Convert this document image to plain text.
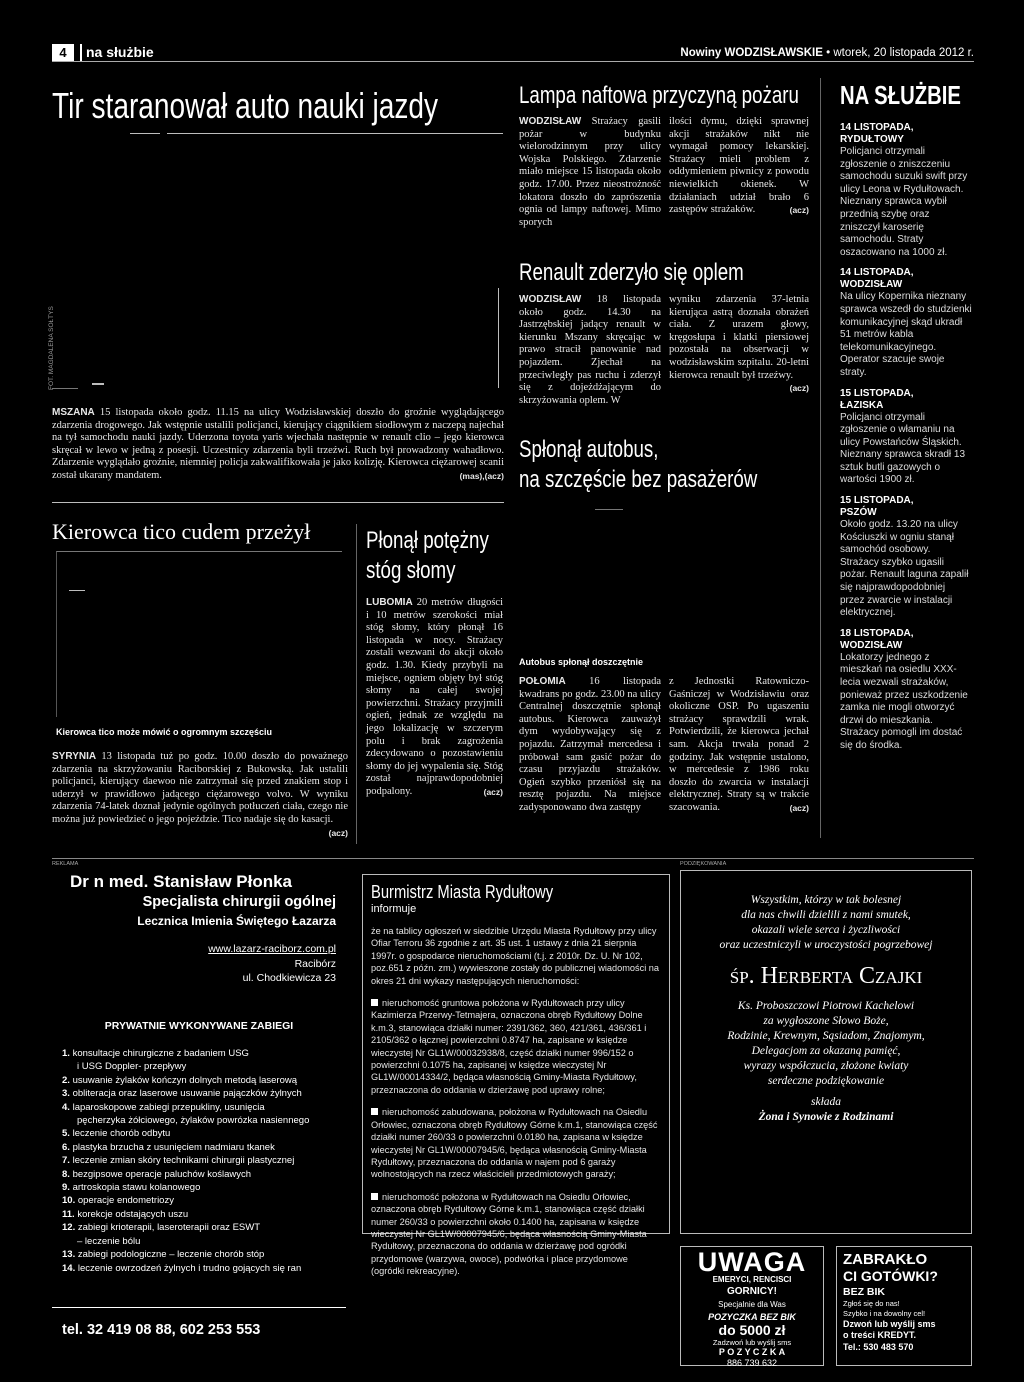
4	na służbie	Nowiny WODZISŁAWSKIE • wtorek, 20 listopada 2012 r.
Tir staranował auto nauki jazdy
FOT. MAGDALENA SOŁTYS

MSZANA 15 listopada około godz. 11.15 na ulicy Wodzisławskiej doszło do groźnie wyglądającego zdarzenia drogowego. Jak wstępnie ustalili policjanci, kierujący ciągnikiem siodłowym z naczepą najechał na tył samochodu nauki jazdy. Uderzona toyota yaris wjechała następnie w renault clio – jego kierowca skręcał w lewo w jedną z posesji. Uczestnicy zdarzenia byli trzeźwi. Ruch był prowadzony wahadłowo. Zdarzenie wyglądało groźnie, niemniej policja zakwalifikowała je jako kolizję. Kierowca ciężarowej scanii został ukarany mandatem.	(mas),(acz)

Kierowca tico cudem przeżył
Kierowca tico może mówić o ogromnym szczęściu

SYRYNIA 13 listopada tuż po godz. 10.00 doszło do poważnego zdarzenia na skrzyżowaniu Raciborskiej z Bukowską. Jak ustalili policjanci, kierujący daewoo nie zatrzymał się przed znakiem stop i uderzył w prawidłowo jadącego ciężarowego volvo. W wyniku zdarzenia 74-latek doznał jedynie ogólnych potłuczeń ciała, czego nie można już powiedzieć o jego pojeździe. Tico nadaje się do kasacji.
(acz)

Płonął potężny
stóg słomy

LUBOMIA 20 metrów długości i 10 metrów szerokości miał stóg słomy, który płonął 16 listopada w nocy. Strażacy zostali wezwani do akcji około godz. 1.30. Kiedy przybyli na miejsce, ogniem objęty był stóg słomy na całej swojej powierzchni. Strażacy przyjmili ogień, jednak ze względu na jego lokalizację w szczerym polu i brak zagrożenia zdecydowano o pozostawieniu słomy do jej wypalenia się. Stóg został najprawdopodobniej podpalony.	(acz)

Lampa naftowa przyczyną pożaru

WODZISŁAW Strażacy gasili pożar w budynku wielorodzinnym przy ulicy Wojska Polskiego. Zdarzenie miało miejsce 15 listopada około godz. 17.00. Przez nieostrożność lokatora doszło do zaprószenia ognia od lampy naftowej. Mimo sporych

ilości dymu, dzięki sprawnej akcji strażaków nikt nie wymagał pomocy lekarskiej. Strażacy mieli problem z oddymieniem piwnicy z powodu niewielkich okienek. W działaniach udział brało 6 zastępów strażaków.	(acz)

Renault zderzyło się oplem

WODZISŁAW 18 listopada około godz. 14.30 na Jastrzębskiej jadący renault w kierunku Mszany skręcając w prawo stracił panowanie nad pojazdem. Zjechał na przeciwległy pas ruchu i zderzył się z dojeżdżającym do skrzyżowania oplem. W

wyniku zdarzenia 37-letnia kierująca astrą doznała obrażeń ciała. Z urazem głowy, kręgosłupa i klatki piersiowej pozostała na obserwacji w wodzisławskim szpitalu. 20-letni kierowca renault był trzeźwy.
(acz)

Spłonął autobus,
na szczęście bez pasażerów
Autobus spłonął doszczętnie

POŁOMIA 16 listopada kwadrans po godz. 23.00 na ulicy Centralnej doszczętnie spłonął autobus. Kierowca zauważył dym wydobywający się z pojazdu. Zatrzymał mercedesa i próbował sam gasić pożar do czasu przyjazdu strażaków. Ogień szybko przeniósł się na resztę pojazdu. Na miejsce zadysponowano dwa zastępy

z Jednostki Ratowniczo-Gaśniczej w Wodzisławiu oraz okoliczne OSP. Po ugaszeniu strażacy sprawdzili wrak. Potwierdzili, że kierowca jechał sam. Akcja trwała ponad 2 godziny. Jak wstępnie ustalono, w mercedesie z 1986 roku doszło do zwarcia w instalacji elektrycznej. Straty są w trakcie szacowania.	(acz)

NA SŁUŻBIE
14 LISTOPADA,
RYDUŁTOWY

Policjanci otrzymali zgłoszenie o zniszczeniu samochodu suzuki swift przy ulicy Leona w Rydułtowach. Nieznany sprawca wybił przednią szybę oraz zniszczył karoserię samochodu. Straty oszacowano na 1000 zł.

14 LISTOPADA,
WODZISŁAW

Na ulicy Kopernika nieznany sprawca wszedł do studzienki komunikacyjnej skąd ukradł 51 metrów kabla telekomunikacyjnego. Operator szacuje swoje straty.

15 LISTOPADA,
ŁAZISKA

Policjanci otrzymali zgłoszenie o włamaniu na ulicy Powstańców Śląskich. Nieznany sprawca skradł 13 sztuk butli gazowych o wartości 1900 zł.

15 LISTOPADA,
PSZÓW

Około godz. 13.20 na ulicy Kościuszki w ogniu stanął samochód osobowy. Strażacy szybko ugasili pożar. Renault laguna zapalił się najprawdopodobniej przez zwarcie w instalacji elektrycznej.

18 LISTOPADA,
WODZISŁAW

Lokatorzy jednego z mieszkań na osiedlu XXX-lecia wezwali strażaków, ponieważ przez uszkodzenie zamka nie mogli otworzyć drzwi do mieszkania. Strażacy pomogli im dostać się do środka.

REKLAMA	PODZIĘKOWANIA
Dr n med. Stanisław Płonka
Specjalista chirurgii ogólnej
Lecznica Imienia Świętego Łazarza
www.lazarz-raciborz.com.pl
Racibórz
ul. Chodkiewicza 23
PRYWATNIE WYKONYWANE ZABIEGI
1. konsultacje chirurgiczne z badaniem USG
i USG Doppler- przepływy
2. usuwanie żylaków kończyn dolnych metodą laserową
3. obliteracja oraz laserowe usuwanie pajączków żylnych
4. laparoskopowe zabiegi przepukliny, usunięcia
pęcherzyka żółciowego, żylaków powrózka nasiennego
5. leczenie chorób odbytu
6. plastyka brzucha z usunięciem nadmiaru tkanek
7. leczenie zmian skóry technikami chirurgii plastycznej
8. bezgipsowe operacje paluchów koślawych
9. artroskopia stawu kolanowego
10. operacje endometriozy
11. korekcje odstających uszu
12. zabiegi krioterapii, laseroterapii oraz ESWT
– leczenie bólu
13. zabiegi podologiczne – leczenie chorób stóp
14. leczenie owrzodzeń żylnych i trudno gojących się ran
tel. 32 419 08 88, 602 253 553
Burmistrz Miasta Rydułtowy
informuje

że na tablicy ogłoszeń w siedzibie Urzędu Miasta Rydułtowy przy ulicy Ofiar Terroru 36 zgodnie z art. 35 ust. 1 ustawy z dnia 21 sierpnia 1997r. o gospodarce nieruchomościami (t.j. z 2010r. Dz. U. Nr 102, poz.651 z późn. zm.) wywieszone zostały do publicznej wiadomości na okres 21 dni wykazy następujących nieruchomości:

nieruchomość gruntowa położona w Rydułtowach przy ulicy Kazimierza Przerwy-Tetmajera, oznaczona obręb Rydułtowy Dolne k.m.3, stanowiąca działki numer: 2391/362, 360, 421/361, 436/361 i 2105/362 o łącznej powierzchni 0.8747 ha, zapisane w księdze wieczystej Nr GL1W/00032938/8, część działki numer 996/152 o powierzchni 0.1075 ha, zapisanej w księdze wieczystej Nr GL1W/00014334/2, będąca własnością Gminy-Miasta Rydułtowy, przeznaczona do oddania w dzierżawę pod uprawy rolne;

nieruchomość zabudowana, położona w Rydułtowach na Osiedlu Orłowiec, oznaczona obręb Rydułtowy Górne k.m.1, stanowiąca część działki numer 260/33 o powierzchni 0.0180 ha, zapisana w księdze wieczystej Nr GL1W/00007945/6, będąca własnością Gminy-Miasta Rydułtowy, przeznaczona do oddania w najem pod 6 garaży wolnostojących na rzecz właścicieli przedmiotowych garaży;

nieruchomość położona w Rydułtowach na Osiedlu Orłowiec, oznaczona obręb Rydułtowy Górne k.m.1, stanowiąca część działki numer 260/33 o powierzchni około 0.1400 ha, zapisana w księdze wieczystej Nr GL1W/00007945/6, będąca własnością Gminy-Miasta Rydułtowy, przeznaczona do oddania w dzierżawę pod ogródki przydomowe (warzywa, owoce), podwórka i place przydomowe (ogródki rekreacyjne).

Wszystkim, którzy w tak bolesnej

dla nas chwili dzielili z nami smutek,

okazali wiele serca i życzliwości

oraz uczestniczyli w uroczystości pogrzebowej

śp. Herberta Czajki

Ks. Proboszczowi Piotrowi Kachelowi

za wygłoszone Słowo Boże,

Rodzinie, Krewnym, Sąsiadom, Znajomym,

Delegacjom za okazaną pamięć,

wyrazy współczucia, złożone kwiaty

serdeczne podziękowanie

składa

Żona i Synowie z Rodzinami

UWAGA
EMERYCI, RENCISCI
GORNICY!
Specjalnie dla Was
POZYCZKA BEZ BIK
do 5000 zł
Zadzwoń lub wyślij sms
P O Z Y C Z K A
886 739 632
ZABRAKŁO
CI GOTÓWKI?
BEZ BIK
Zgłoś się do nas!
Szybko i na dowolny cel!
Dzwoń lub wyślij sms
o treści KREDYT.
Tel.: 530 483 570
